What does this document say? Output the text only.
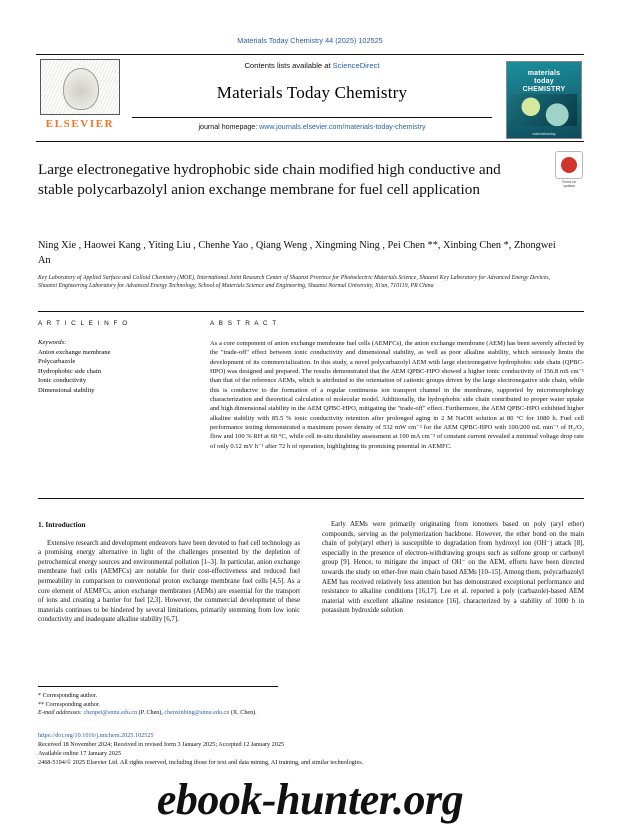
Materials Today Chemistry 44 (2025) 102525
ELSEVIER
Contents lists available at ScienceDirect
Materials Today Chemistry
journal homepage: www.journals.elsevier.com/materials-today-chemistry
materials
today
CHEMISTRY
materialstoday
Check for
updates
Large electronegative hydrophobic side chain modified high conductive and stable polycarbazolyl anion exchange membrane for fuel cell application
Ning Xie , Haowei Kang , Yiting Liu , Chenhe Yao , Qiang Weng , Xingming Ning , Pei Chen **, Xinbing Chen *, Zhongwei An
Key Laboratory of Applied Surface and Colloid Chemistry (MOE), International Joint Research Center of Shaanxi Province for Photoelectric Materials Science, Shaanxi Key Laboratory for Advanced Energy Devices, Shaanxi Engineering Laboratory for Advanced Energy Technology, School of Materials Science and Engineering, Shaanxi Normal University, Xi'an, 710119, PR China
A R T I C L E I N F O
Keywords:
Anion exchange membrane
Polycarbazole
Hydrophobic side chain
Ionic conductivity
Dimensional stability
A B S T R A C T
As a core component of anion exchange membrane fuel cells (AEMFCs), the anion exchange membrane (AEM) has been severely affected by the "trade-off" effect between ionic conductivity and dimensional stability, as well as poor alkaline stability, which seriously limits the development of its commercialization. In this study, a novel polycarbazolyl AEM with large electronegative hydrophobic side chain (QPBC-HPO) was designed and prepared. The results demonstrated that the AEM QPBC-HPO showed a higher ionic conductivity of 156.8 mS cm⁻¹ than that of the reference AEMs, which is attributed to the orientation of cationic groups driven by the large electronegative side chain, while this is conducive to the formation of a regular continuous ion transport channel in the membrane, supported by micromorphology characterization and theoretical calculation of molecular model. Additionally, the hydrophobic side chain contributed to proper water uptake and high dimensional stability in the AEM QPBC-HPO, mitigating the "trade-off" effect. Furthermore, the AEM QPBC-HPO exhibited higher alkaline stability with 85.5 % ionic conductivity retention after prolonged aging in 2 M NaOH solution at 80 °C for 1080 h. Fuel cell performance testing demonstrated a maximum power density of 532 mW cm⁻² for the AEM QPBC-HPO with 100/200 mL min⁻¹ of H₂/O₂ flow and 100 % RH at 60 °C, while cell in-situ durability assessment at 100 mA cm⁻² of constant current revealed a minimal voltage drop rate of only 0.12 mV h⁻¹ after 72 h of operation, highlighting its promising potential in AEMFC.
1. Introduction

Extensive research and development endeavors have been devoted to fuel cell technology as a promising energy alternative in light of the challenges presented by the depletion of petrochemical energy sources and environmental pollution [1–3]. In particular, anion exchange membrane fuel cells (AEMFCs) are notable for their cost-effectiveness and reduced fuel permeability in comparison to conventional proton exchange membrane fuel cells [4,5]. As a core element of AEMFCs, anion exchange membranes (AEMs) are essential for the transport of ions and creating a barrier for fuel [2,3]. However, the commercial development of these materials continues to be hindered by several limitations, primarily stemming from low ionic conductivity and inadequate alkaline stability [6,7].

Early AEMs were primarily originating from ionomers based on poly (aryl ether) compounds, serving as the polymerization backbone. However, the ether bond on the main chain of poly(aryl ether) is susceptible to degradation from hydroxyl ion (OH⁻) attack [8], especially in the presence of electron-withdrawing groups such as sulfone group or carbonyl group [9]. Hence, to mitigate the impact of OH⁻ on the AEM, efforts have been directed towards the study on ether-free main chain based AEMs [10–15]. Among them, polycarbazolyl AEM has received relatively less attention but has demonstrated exceptional performance and resistance to alkaline conditions [16,17]. Lee et al. reported a poly (carbazole)-based AEM material with excellent alkaline resistance [16], characterized by a stability of 1000 h in potassium hydroxide solution

* Corresponding author.
** Corresponding author.
E-mail addresses: chenpei@snnu.edu.cn (P. Chen), chenxinbing@snnu.edu.cn (X. Chen).
https://doi.org/10.1016/j.mtchem.2025.102525
Received 18 November 2024; Received in revised form 3 January 2025; Accepted 12 January 2025
Available online 17 January 2025
2468-5194/© 2025 Elsevier Ltd. All rights reserved, including those for text and data mining, AI training, and similar technologies.
ebook-hunter.org
